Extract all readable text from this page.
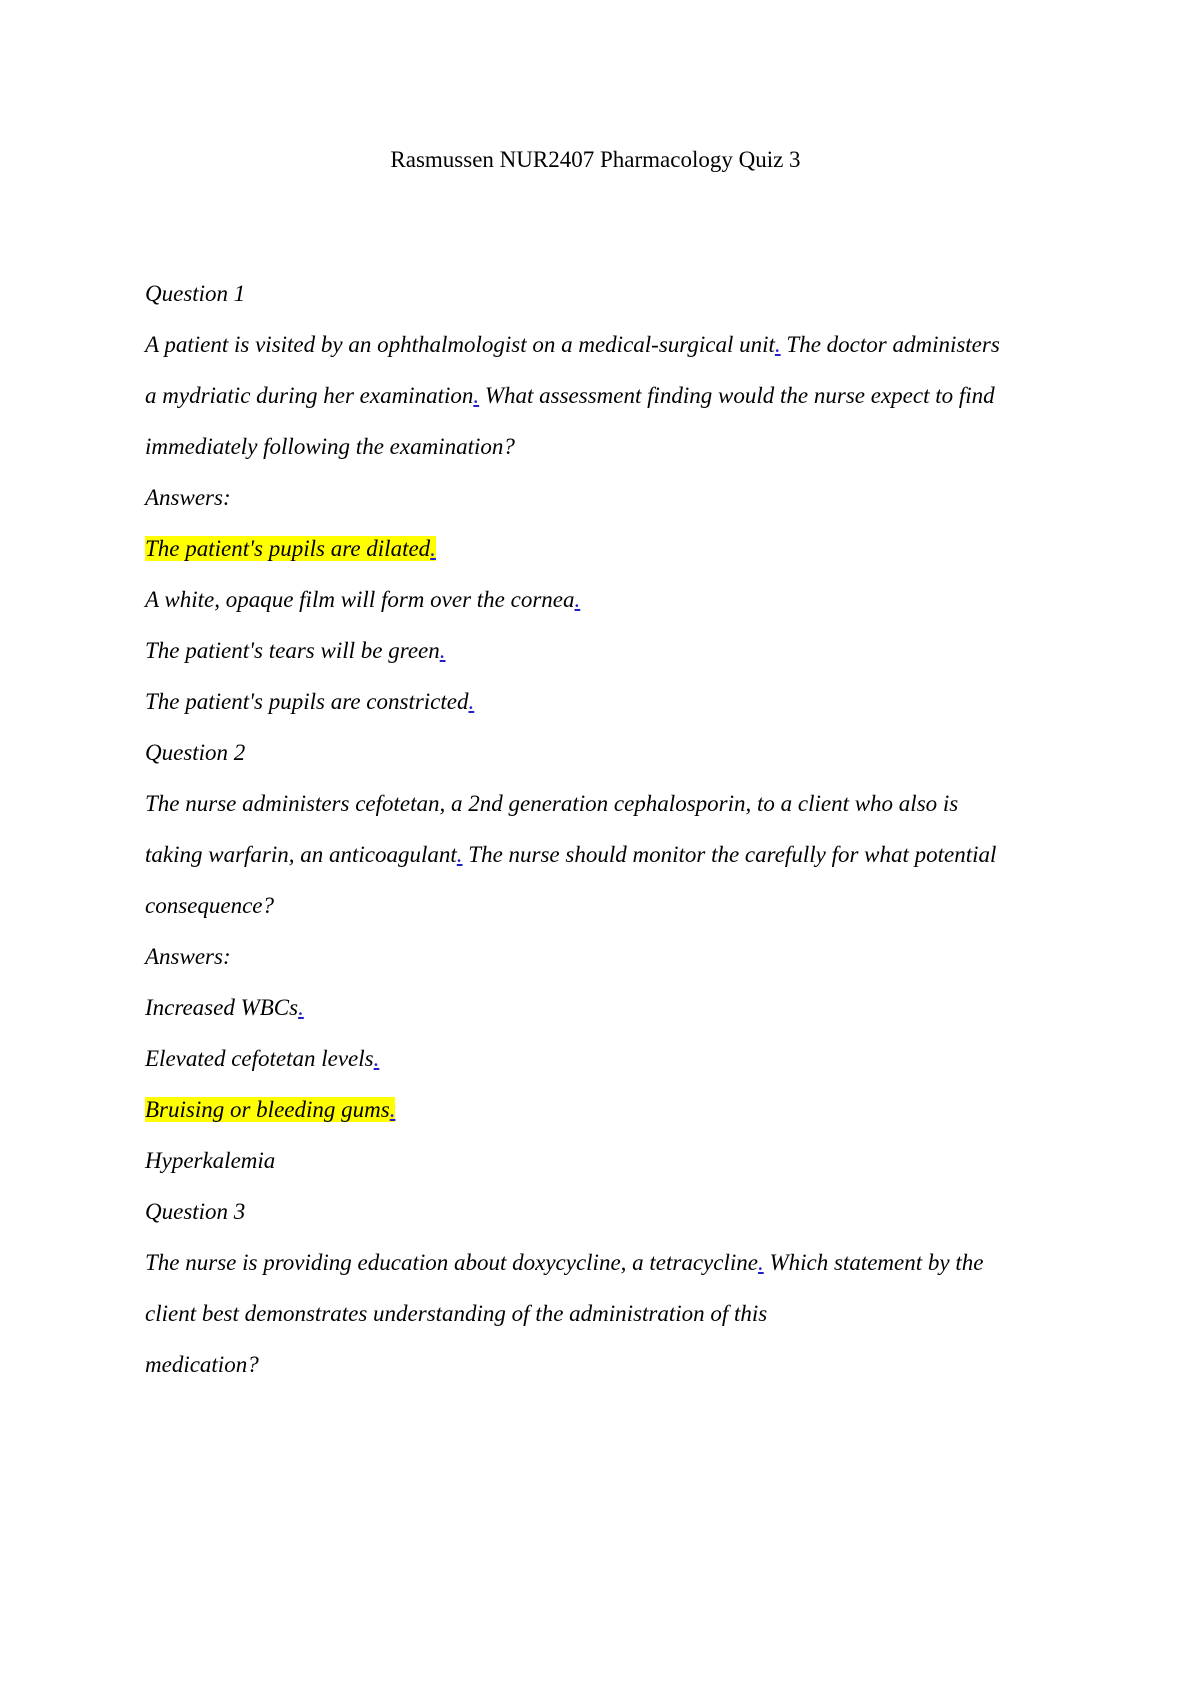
Rasmussen NUR2407 Pharmacology Quiz 3
Question 1
A patient is visited by an ophthalmologist on a medical-surgical unit. The doctor administers
a mydriatic during her examination. What assessment finding would the nurse expect to find
immediately following the examination?
Answers:
The patient's pupils are dilated.
A white, opaque film will form over the cornea.
The patient's tears will be green.
The patient's pupils are constricted.
Question 2
The nurse administers cefotetan, a 2nd generation cephalosporin, to a client who also is
taking warfarin, an anticoagulant. The nurse should monitor the carefully for what potential
consequence?
Answers:
Increased WBCs.
Elevated cefotetan levels.
Bruising or bleeding gums.
Hyperkalemia
Question 3
The nurse is providing education about doxycycline, a tetracycline. Which statement by the
client best demonstrates understanding of the administration of this
medication?
